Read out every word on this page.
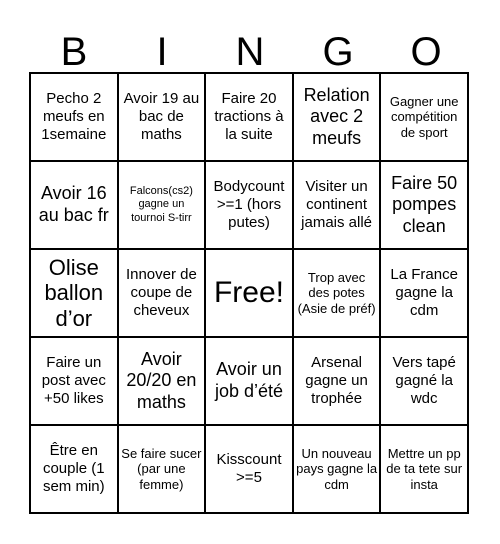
B	I	N	G	O
Pecho 2 meufs en 1semaine
Avoir 19 au bac de maths
Faire 20 tractions à la suite
Relation avec 2 meufs
Gagner une compétition de sport
Avoir 16 au bac fr
Falcons(cs2) gagne un tournoi S-tirr
Bodycount >=1 (hors putes)
Visiter un continent jamais allé
Faire 50 pompes clean
Olise ballon d’or
Innover de coupe de cheveux
Free!	Trop avec des potes (Asie de préf)
La France gagne la cdm
Faire un post avec +50 likes
Avoir 20/20 en maths
Avoir un job d’été
Arsenal gagne un trophée
Vers tapé gagné la wdc
Être en couple (1 sem min)
Se faire sucer (par une femme)
Kisscount >=5
Un nouveau pays gagne la cdm
Mettre un pp de ta tete sur insta
